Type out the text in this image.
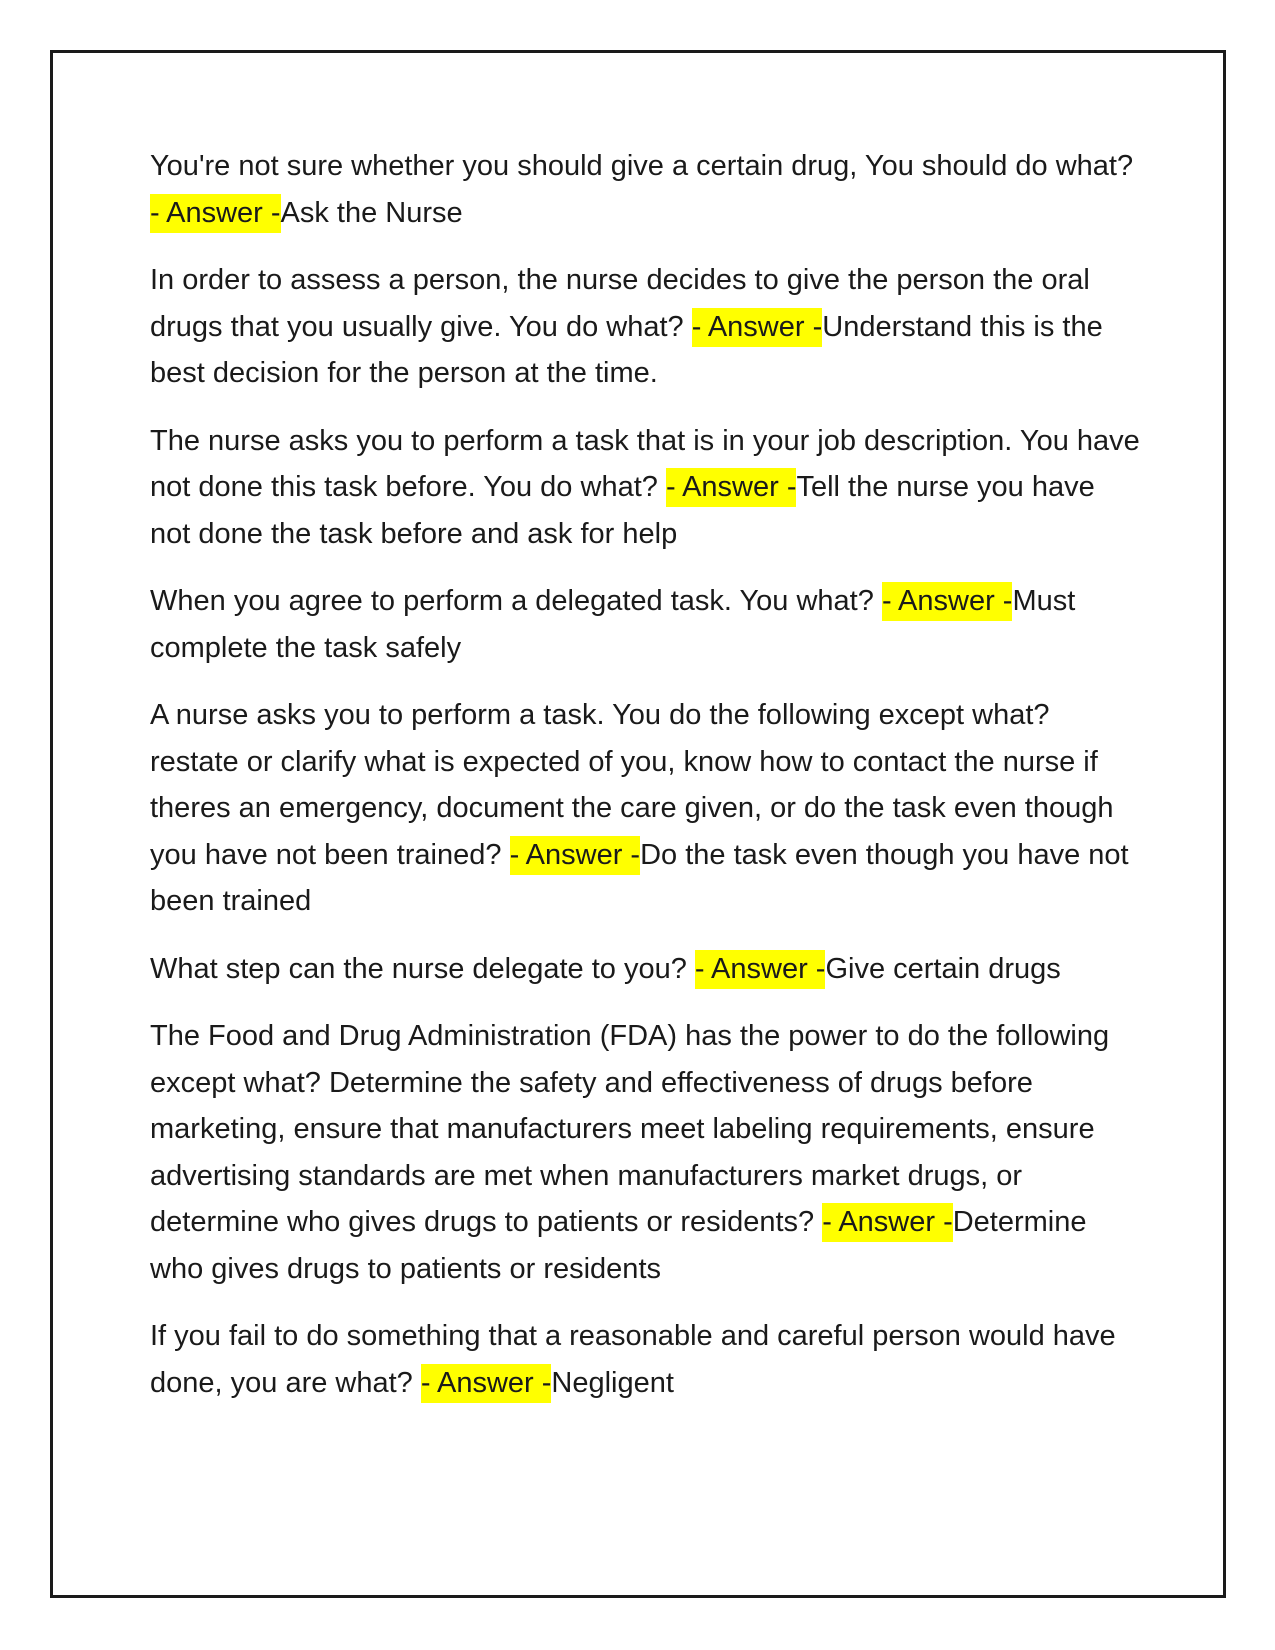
You're not sure whether you should give a certain drug, You should do what? - Answer -Ask the Nurse

In order to assess a person, the nurse decides to give the person the oral drugs that you usually give. You do what? - Answer -Understand this is the best decision for the person at the time.

The nurse asks you to perform a task that is in your job description. You have not done this task before. You do what? - Answer -Tell the nurse you have not done the task before and ask for help

When you agree to perform a delegated task. You what? - Answer -Must complete the task safely

A nurse asks you to perform a task. You do the following except what? restate or clarify what is expected of you, know how to contact the nurse if theres an emergency, document the care given, or do the task even though you have not been trained? - Answer -Do the task even though you have not been trained

What step can the nurse delegate to you? - Answer -Give certain drugs

The Food and Drug Administration (FDA) has the power to do the following except what? Determine the safety and effectiveness of drugs before marketing, ensure that manufacturers meet labeling requirements, ensure advertising standards are met when manufacturers market drugs, or determine who gives drugs to patients or residents? - Answer -Determine who gives drugs to patients or residents

If you fail to do something that a reasonable and careful person would have done, you are what? - Answer -Negligent
